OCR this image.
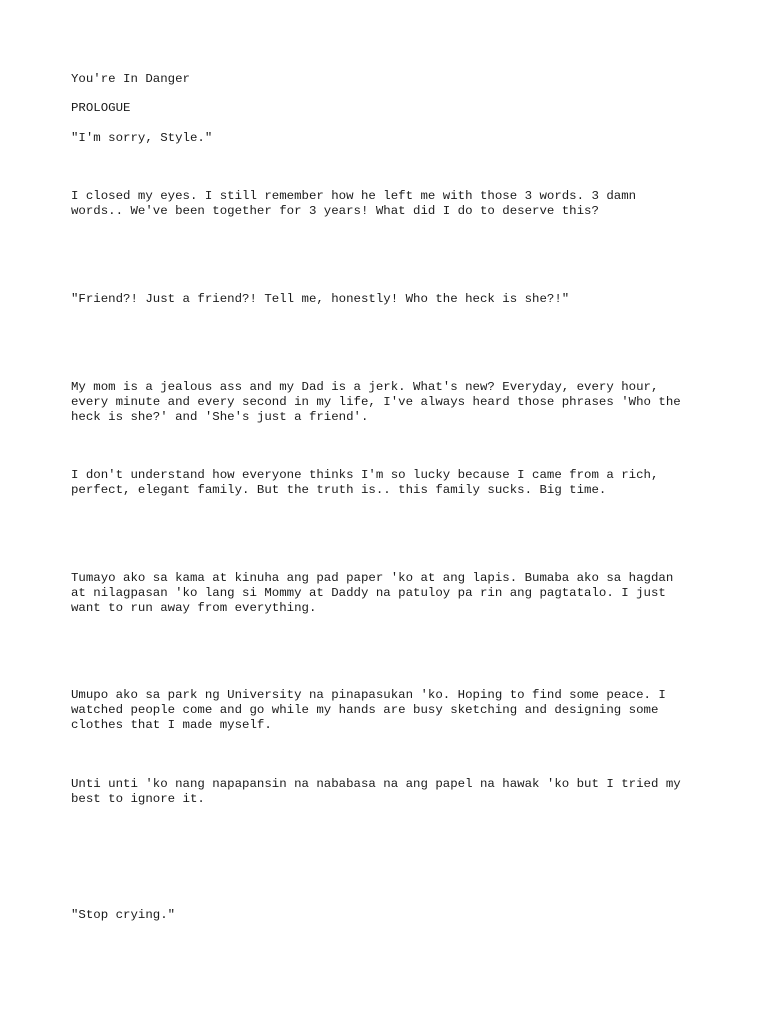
You're In Danger

PROLOGUE

"I'm sorry, Style."

I closed my eyes. I still remember how he left me with those 3 words. 3 damn
words.. We've been together for 3 years! What did I do to deserve this?

"Friend?! Just a friend?! Tell me, honestly! Who the heck is she?!"

My mom is a jealous ass and my Dad is a jerk. What's new? Everyday, every hour,
every minute and every second in my life, I've always heard those phrases 'Who the
heck is she?' and 'She's just a friend'.

I don't understand how everyone thinks I'm so lucky because I came from a rich,
perfect, elegant family. But the truth is.. this family sucks. Big time.

Tumayo ako sa kama at kinuha ang pad paper 'ko at ang lapis. Bumaba ako sa hagdan
at nilagpasan 'ko lang si Mommy at Daddy na patuloy pa rin ang pagtatalo. I just
want to run away from everything.

Umupo ako sa park ng University na pinapasukan 'ko. Hoping to find some peace. I
watched people come and go while my hands are busy sketching and designing some
clothes that I made myself.

Unti unti 'ko nang napapansin na nababasa na ang papel na hawak 'ko but I tried my
best to ignore it.

"Stop crying."
